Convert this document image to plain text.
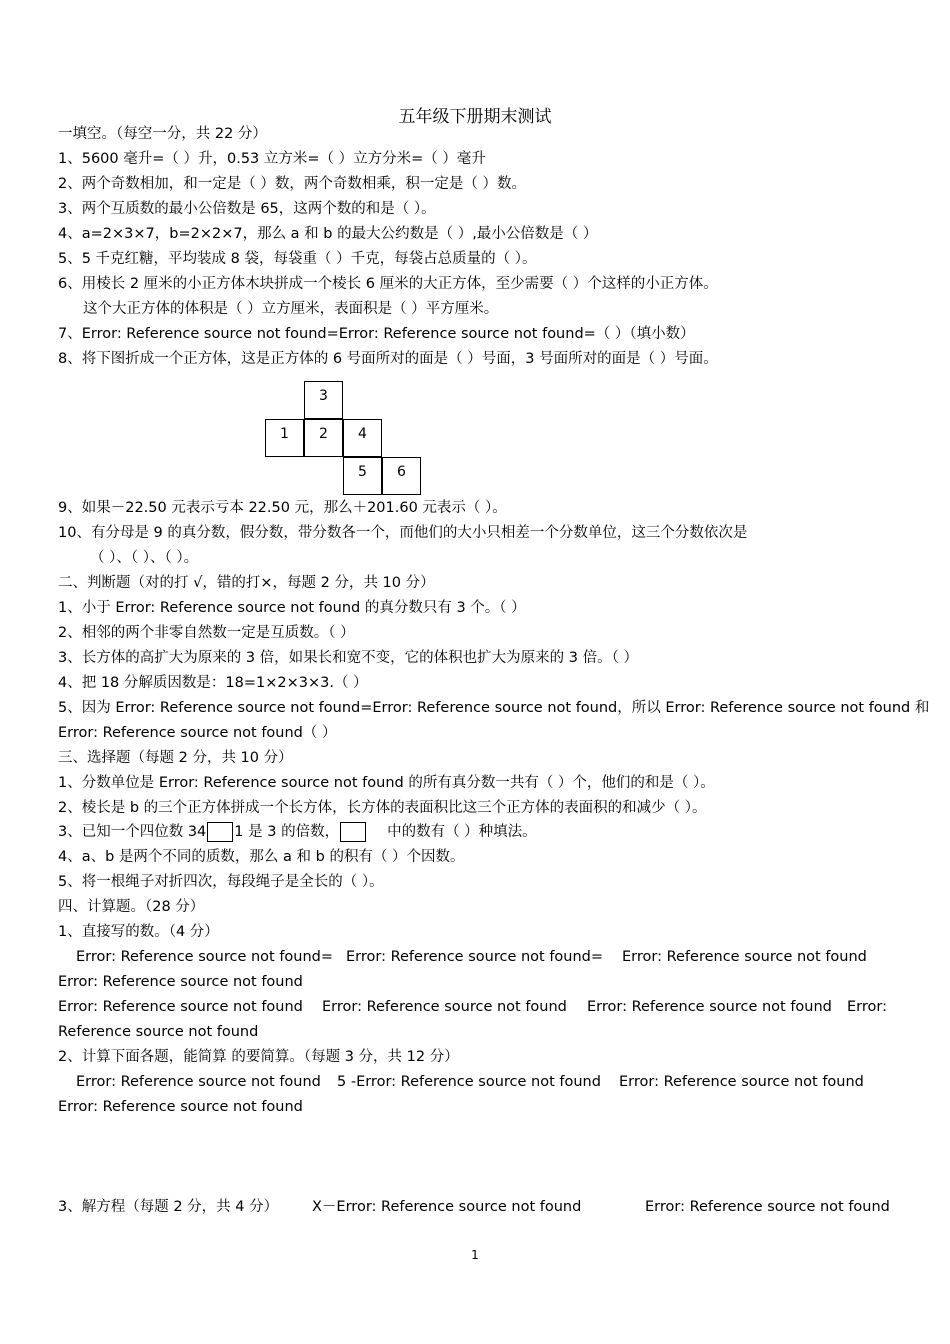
五年级下册期末测试
一填空。（每空一分，共 22 分）
1、5600 毫升=（ ）升，0.53 立方米=（ ）立方分米=（ ）毫升
2、两个奇数相加，和一定是（ ）数，两个奇数相乘，积一定是（ ）数。
3、两个互质数的最小公倍数是 65，这两个数的和是（ ）。
4、a=2×3×7，b=2×2×7，那么 a 和 b 的最大公约数是（ ）,最小公倍数是（ ）
5、5 千克红糖，平均装成 8 袋，每袋重（ ）千克，每袋占总质量的（ ）。
6、用棱长 2 厘米的小正方体木块拼成一个棱长 6 厘米的大正方体，至少需要（ ）个这样的小正方体。
这个大正方体的体积是（ ）立方厘米，表面积是（ ）平方厘米。
7、Error: Reference source not found=Error: Reference source not found=（ ）（填小数）
8、将下图折成一个正方体，这是正方体的 6 号面所对的面是（ ）号面，3 号面所对的面是（ ）号面。
3
1	2	4
5	6
9、如果－22.50 元表示亏本 22.50 元，那么＋201.60 元表示（ ）。
10、有分母是 9 的真分数，假分数，带分数各一个，而他们的大小只相差一个分数单位，这三个分数依次是
（ ）、（ ）、（ ）。
二、判断题（对的打 √，错的打×，每题 2 分，共 10 分）
1、小于 Error: Reference source not found 的真分数只有 3 个。（ ）
2、相邻的两个非零自然数一定是互质数。（ ）
3、长方体的高扩大为原来的 3 倍，如果长和宽不变，它的体积也扩大为原来的 3 倍。（ ）
4、把 18 分解质因数是：18=1×2×3×3.（ ）
5、因为 Error: Reference source not found=Error: Reference source not found，所以 Error: Reference source not found 和
Error: Reference source not found（ ）
三、选择题（每题 2 分，共 10 分）
1、分数单位是 Error: Reference source not found 的所有真分数一共有（ ）个，他们的和是（ ）。
2、棱长是 b 的三个正方体拼成一个长方体，长方体的表面积比这三个正方体的表面积的和减少（ ）。
3、已知一个四位数 34 1 是 3 的倍数，	中的数有（ ）种填法。
4、a、b 是两个不同的质数，那么 a 和 b 的积有（ ）个因数。
5、将一根绳子对折四次，每段绳子是全长的（ ）。
四、计算题。（28 分）
1、直接写的数。（4 分）
Error: Reference source not found= Error: Reference source not found= Error: Reference source not found
Error: Reference source not found
Error: Reference source not found Error: Reference source not found Error: Reference source not found Error:
Reference source not found
2、计算下面各题，能简算 的要简算。（每题 3 分，共 12 分）
Error: Reference source not found 5 -Error: Reference source not found Error: Reference source not found
Error: Reference source not found
3、解方程（每题 2 分，共 4 分） X－Error: Reference source not found	Error: Reference source not found
1
